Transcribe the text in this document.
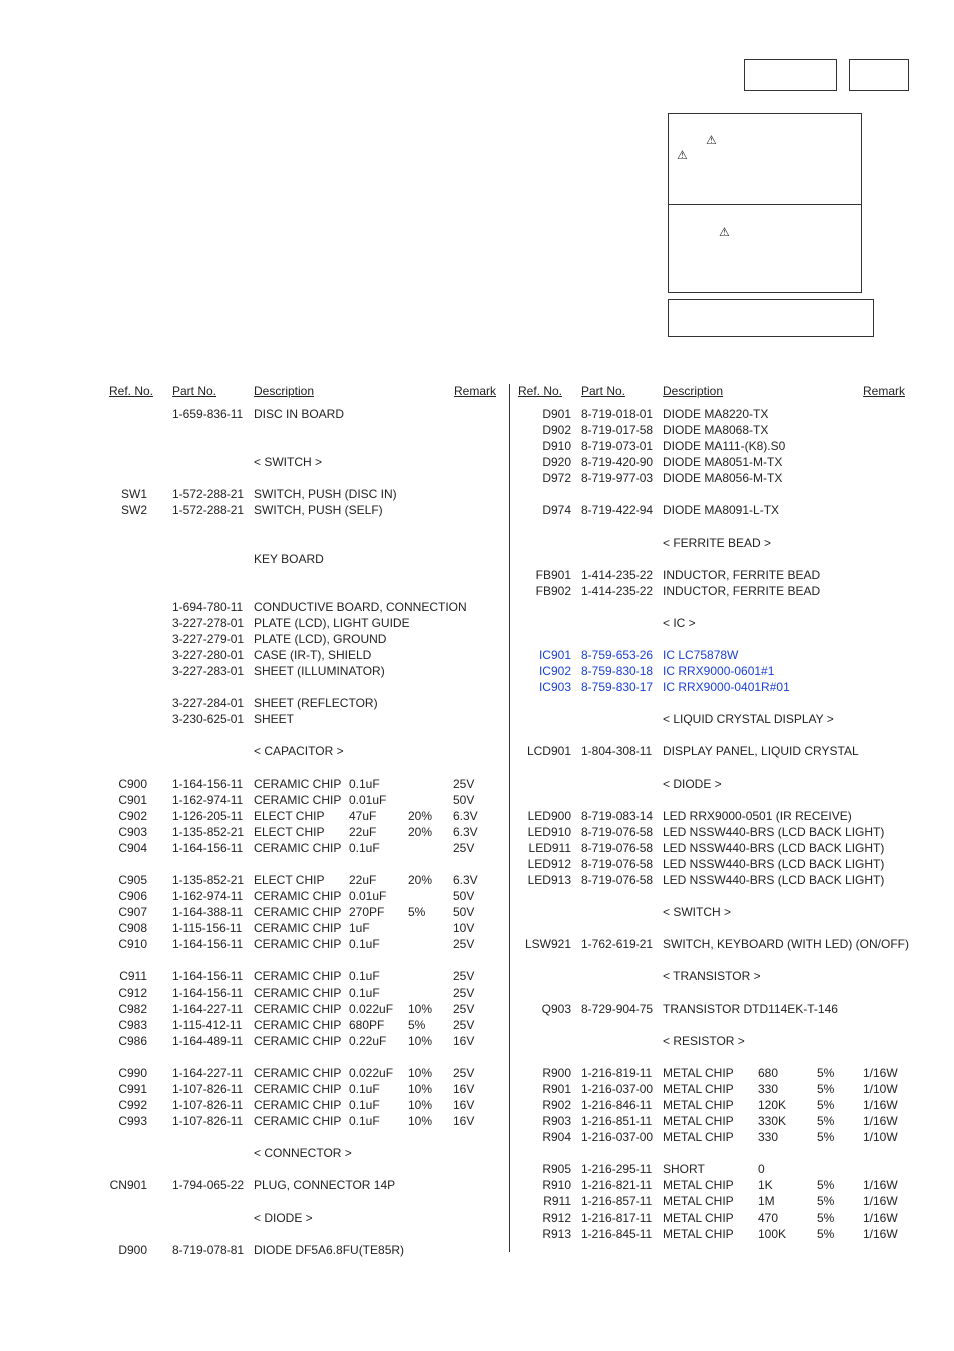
⚠
⚠
⚠
Ref. No. Part No.	Description	Remark Ref. No. Part No.	Description	Remark
1-659-836-11 DISC IN BOARD
< SWITCH >
SW1 1-572-288-21 SWITCH, PUSH (DISC IN)
SW2 1-572-288-21 SWITCH, PUSH (SELF)
KEY BOARD
1-694-780-11 CONDUCTIVE BOARD, CONNECTION
3-227-278-01 PLATE (LCD), LIGHT GUIDE
3-227-279-01 PLATE (LCD), GROUND
3-227-280-01 CASE (IR-T), SHIELD
3-227-283-01 SHEET (ILLUMINATOR)
3-227-284-01 SHEET (REFLECTOR)
3-230-625-01 SHEET
< CAPACITOR >
C900 1-164-156-11 CERAMIC CHIP 0.1uF	25V
C901 1-162-974-11 CERAMIC CHIP 0.01uF	50V
C902 1-126-205-11 ELECT CHIP 47uF	20% 6.3V
C903 1-135-852-21 ELECT CHIP 22uF	20% 6.3V
C904 1-164-156-11 CERAMIC CHIP 0.1uF	25V
C905 1-135-852-21 ELECT CHIP 22uF	20% 6.3V
C906 1-162-974-11 CERAMIC CHIP 0.01uF	50V
C907 1-164-388-11 CERAMIC CHIP 270PF 5% 50V
C908 1-115-156-11 CERAMIC CHIP 1uF	10V
C910 1-164-156-11 CERAMIC CHIP 0.1uF	25V
C911 1-164-156-11 CERAMIC CHIP 0.1uF	25V
C912 1-164-156-11 CERAMIC CHIP 0.1uF	25V
C982 1-164-227-11 CERAMIC CHIP 0.022uF 10% 25V
C983 1-115-412-11 CERAMIC CHIP 680PF 5% 25V
C986 1-164-489-11 CERAMIC CHIP 0.22uF 10% 16V
C990 1-164-227-11 CERAMIC CHIP 0.022uF 10% 25V
C991 1-107-826-11 CERAMIC CHIP 0.1uF 10% 16V
C992 1-107-826-11 CERAMIC CHIP 0.1uF 10% 16V
C993 1-107-826-11 CERAMIC CHIP 0.1uF 10% 16V
< CONNECTOR >
CN901 1-794-065-22 PLUG, CONNECTOR 14P
< DIODE >
D900 8-719-078-81 DIODE DF5A6.8FU(TE85R)
D901 8-719-018-01 DIODE MA8220-TX
D902 8-719-017-58 DIODE MA8068-TX
D910 8-719-073-01 DIODE MA111-(K8).S0
D920 8-719-420-90 DIODE MA8051-M-TX
D972 8-719-977-03 DIODE MA8056-M-TX
D974 8-719-422-94 DIODE MA8091-L-TX
< FERRITE BEAD >
FB901 1-414-235-22 INDUCTOR, FERRITE BEAD
FB902 1-414-235-22 INDUCTOR, FERRITE BEAD
< IC >
IC901 8-759-653-26 IC LC75878W
IC902 8-759-830-18 IC RRX9000-0601#1
IC903 8-759-830-17 IC RRX9000-0401R#01
< LIQUID CRYSTAL DISPLAY >
LCD901 1-804-308-11 DISPLAY PANEL, LIQUID CRYSTAL
< DIODE >
LED900 8-719-083-14 LED RRX9000-0501 (IR RECEIVE)
LED910 8-719-076-58 LED NSSW440-BRS (LCD BACK LIGHT)
LED911 8-719-076-58 LED NSSW440-BRS (LCD BACK LIGHT)
LED912 8-719-076-58 LED NSSW440-BRS (LCD BACK LIGHT)
LED913 8-719-076-58 LED NSSW440-BRS (LCD BACK LIGHT)
< SWITCH >
LSW921 1-762-619-21 SWITCH, KEYBOARD (WITH LED) (ON/OFF)
< TRANSISTOR >
Q903 8-729-904-75 TRANSISTOR DTD114EK-T-146
< RESISTOR >
R900 1-216-819-11 METAL CHIP 680	5% 1/16W
R901 1-216-037-00 METAL CHIP 330	5% 1/10W
R902 1-216-846-11 METAL CHIP 120K	5% 1/16W
R903 1-216-851-11 METAL CHIP 330K	5% 1/16W
R904 1-216-037-00 METAL CHIP 330	5% 1/10W
R905 1-216-295-11 SHORT	0
R910 1-216-821-11 METAL CHIP 1K	5% 1/16W
R911 1-216-857-11 METAL CHIP 1M	5% 1/16W
R912 1-216-817-11 METAL CHIP 470	5% 1/16W
R913 1-216-845-11 METAL CHIP 100K	5% 1/16W
